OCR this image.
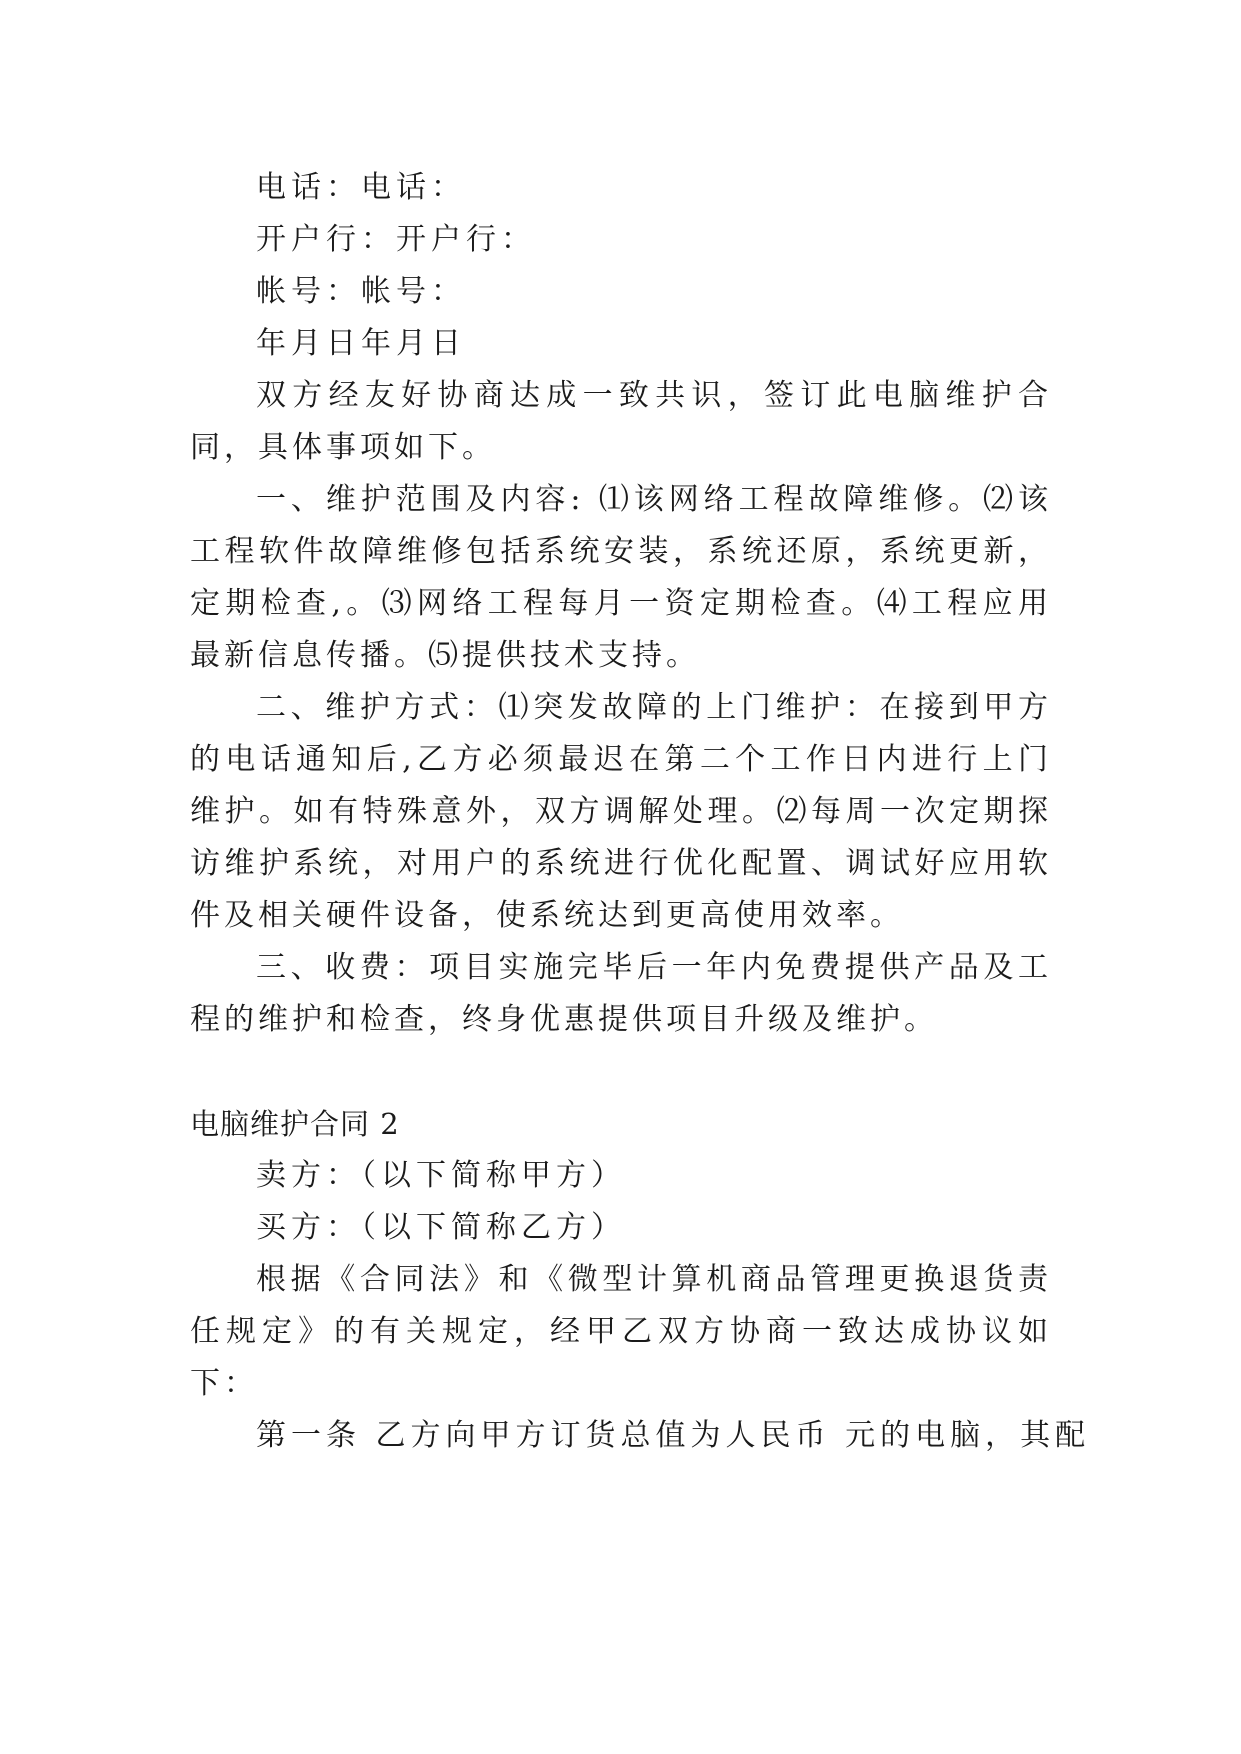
电话：电话：
开户行：开户行：
帐号：帐号：
年月日年月日

双方经友好协商达成一致共识，签订此电脑维护合同，具体事项如下。

一、维护范围及内容: ⑴该网络工程故障维修。⑵该工程软件故障维修包括系统安装，系统还原，系统更新，定期检查,。⑶网络工程每月一资定期检查。⑷工程应用最新信息传播。⑸提供技术支持。

二、维护方式：⑴突发故障的上门维护：在接到甲方的电话通知后,乙方必须最迟在第二个工作日内进行上门维护。如有特殊意外，双方调解处理。⑵每周一次定期探访维护系统，对用户的系统进行优化配置、调试好应用软件及相关硬件设备，使系统达到更高使用效率。

三、收费：项目实施完毕后一年内免费提供产品及工程的维护和检查，终身优惠提供项目升级及维护。

电脑维护合同 2
卖方：（以下简称甲方）
买方：（以下简称乙方）

根据《合同法》和《微型计算机商品管理更换退货责任规定》的有关规定，经甲乙双方协商一致达成协议如下：

第一条 乙方向甲方订货总值为人民币 元的电脑，其配
